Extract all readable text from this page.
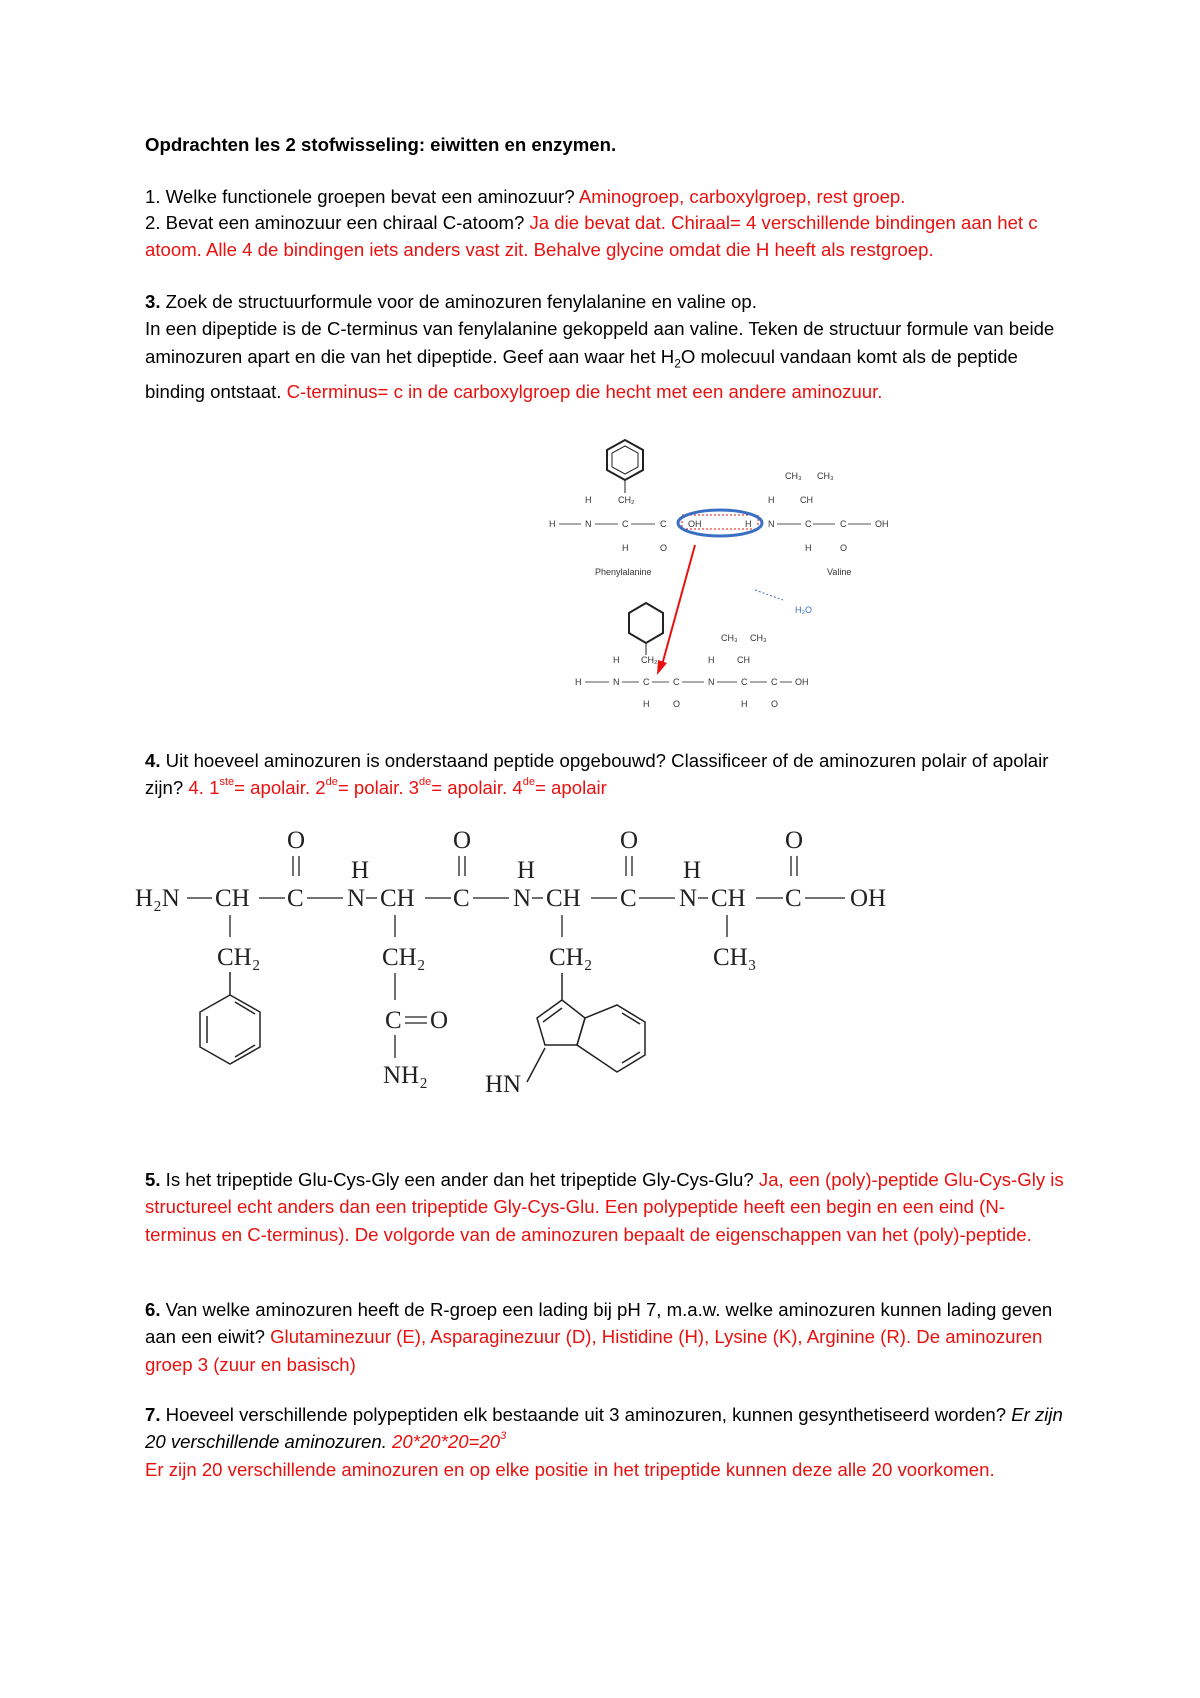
Opdrachten les 2 stofwisseling: eiwitten en enzymen.
1. Welke functionele groepen bevat een aminozuur? Aminogroep, carboxylgroep, rest groep.
2. Bevat een aminozuur een chiraal C-atoom? Ja die bevat dat. Chiraal= 4 verschillende bindingen aan het c atoom. Alle 4 de bindingen iets anders vast zit. Behalve glycine omdat die H heeft als restgroep.
3. Zoek de structuurformule voor de aminozuren fenylalanine en valine op.
In een dipeptide is de C-terminus van fenylalanine gekoppeld aan valine. Teken de structuur formule van beide aminozuren apart en die van het dipeptide. Geef aan waar het $H_2O$ molecuul vandaan komt als de peptide binding ontstaat. C-terminus= c in de carboxylgroep die hecht met een andere aminozuur.
H
H
N
CH₂
C
H
C
O
OH	H N
H
C
H
CH
CH₃ CH₃
C
O
OH
Phenylalanine	Valine
H₂O
H
H
N
CH₂
C
H
C
O
N
H	CH
CH₃ CH₃
C
H
C
O
OH
4. Uit hoeveel aminozuren is onderstaand peptide opgebouwd? Classificeer of de aminozuren polair of apolair zijn? 4. 1ste= apolair. 2de= polair. 3de= apolair. 4de= apolair
O	O	O	O
H	H	H
H₂N CH C N CH C N CH C N CH C OH
CH₂	CH₂	CH₂	CH₃
C O
NH₂ HN
5. Is het tripeptide Glu-Cys-Gly een ander dan het tripeptide Gly-Cys-Glu? Ja, een (poly)-peptide Glu-Cys-Gly is structureel echt anders dan een tripeptide Gly-Cys-Glu. Een polypeptide heeft een begin en een eind (N-terminus en C-terminus). De volgorde van de aminozuren bepaalt de eigenschappen van het (poly)-peptide.
6. Van welke aminozuren heeft de R-groep een lading bij pH 7, m.a.w. welke aminozuren kunnen lading geven aan een eiwit? Glutaminezuur (E), Asparaginezuur (D), Histidine (H), Lysine (K), Arginine (R). De aminozuren groep 3 (zuur en basisch)
7. Hoeveel verschillende polypeptiden elk bestaande uit 3 aminozuren, kunnen gesynthetiseerd worden? Er zijn 20 verschillende aminozuren. $20*20*20=20^3$
Er zijn 20 verschillende aminozuren en op elke positie in het tripeptide kunnen deze alle 20 voorkomen.
